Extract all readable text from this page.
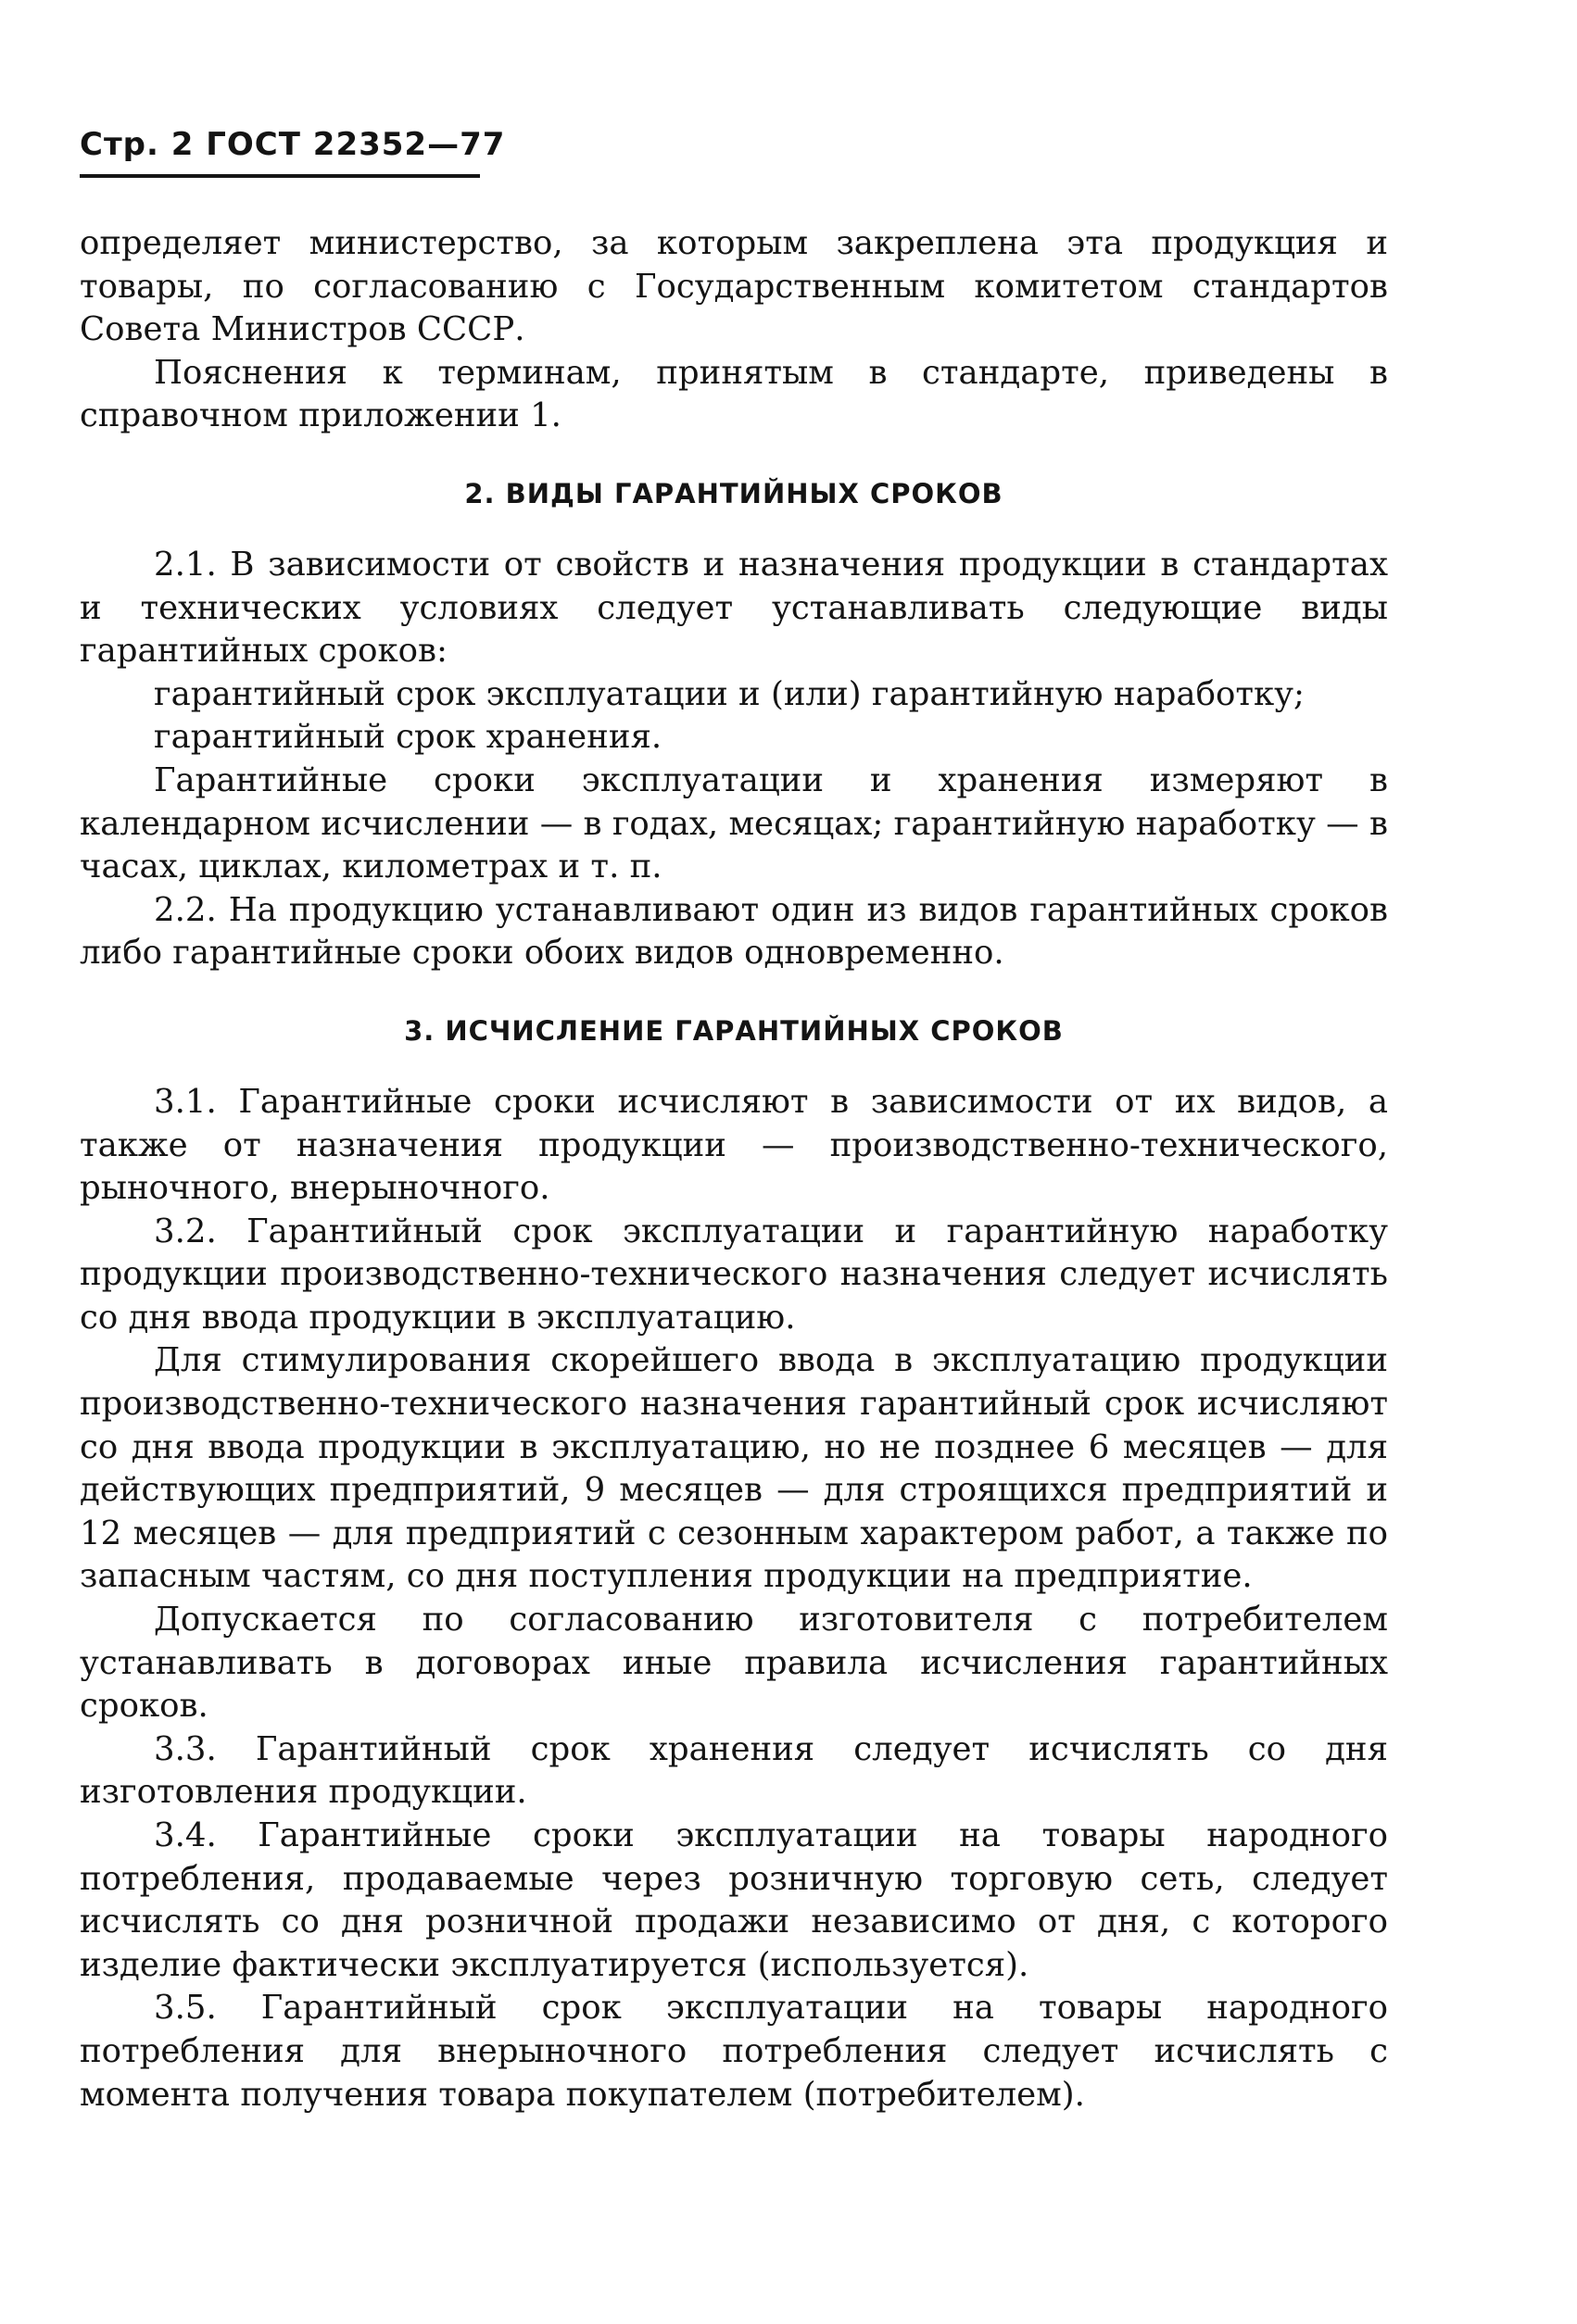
Стр. 2 ГОСТ 22352—77

определяет министерство, за которым закреплена эта продукция и товары, по согласованию с Государственным комитетом стандартов Совета Министров СССР.

Пояснения к терминам, принятым в стандарте, приведены в справочном приложении 1.

2. ВИДЫ ГАРАНТИЙНЫХ СРОКОВ

2.1. В зависимости от свойств и назначения продукции в стандартах и технических условиях следует устанавливать следующие виды гарантийных сроков:

гарантийный срок эксплуатации и (или) гарантийную наработку;

гарантийный срок хранения.

Гарантийные сроки эксплуатации и хранения измеряют в календарном исчислении — в годах, месяцах; гарантийную наработку — в часах, циклах, километрах и т. п.

2.2. На продукцию устанавливают один из видов гарантийных сроков либо гарантийные сроки обоих видов одновременно.

3. ИСЧИСЛЕНИЕ ГАРАНТИЙНЫХ СРОКОВ

3.1. Гарантийные сроки исчисляют в зависимости от их видов, а также от назначения продукции — производственно-технического, рыночного, внерыночного.

3.2. Гарантийный срок эксплуатации и гарантийную наработку продукции производственно-технического назначения следует исчислять со дня ввода продукции в эксплуатацию.

Для стимулирования скорейшего ввода в эксплуатацию продукции производственно-технического назначения гарантийный срок исчисляют со дня ввода продукции в эксплуатацию, но не позднее 6 месяцев — для действующих предприятий, 9 месяцев — для строящихся предприятий и 12 месяцев — для предприятий с сезонным характером работ, а также по запасным частям, со дня поступления продукции на предприятие.

Допускается по согласованию изготовителя с потребителем устанавливать в договорах иные правила исчисления гарантийных сроков.

3.3. Гарантийный срок хранения следует исчислять со дня изготовления продукции.

3.4. Гарантийные сроки эксплуатации на товары народного потребления, продаваемые через розничную торговую сеть, следует исчислять со дня розничной продажи независимо от дня, с которого изделие фактически эксплуатируется (используется).

3.5. Гарантийный срок эксплуатации на товары народного потребления для внерыночного потребления следует исчислять с момента получения товара покупателем (потребителем).
